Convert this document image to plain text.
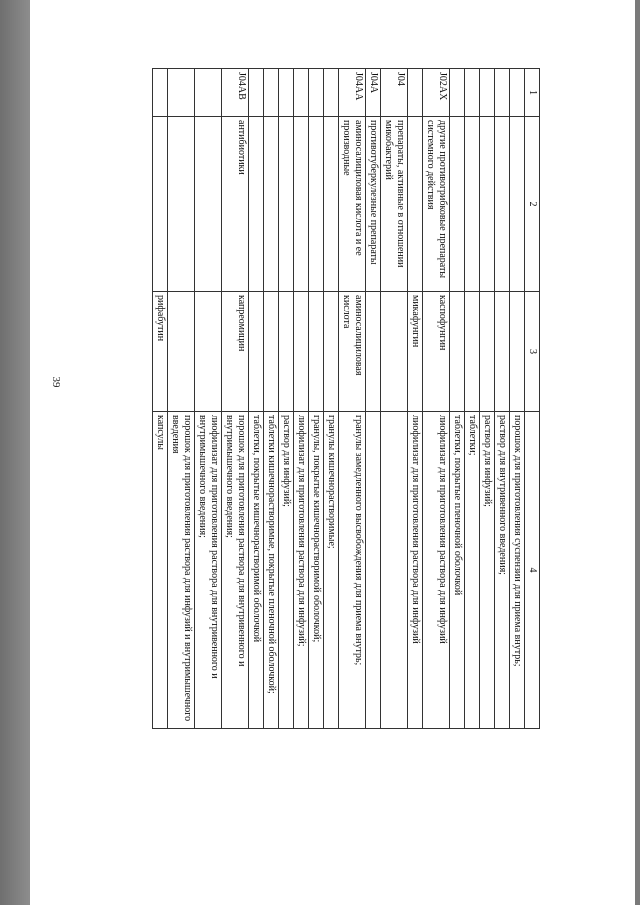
39
1	2	3	4
			порошок для приготовления суспензии для приема внутрь;
			раствор для внутривенного введения;
			раствор для инфузий;
			таблетки;
			таблетки, покрытые пленочной оболочкой
J02AX	другие противогрибковые препараты системного действия	каспофунгин	лиофилизат для приготовления раствора для инфузий
		микафунгин	лиофилизат для приготовления раствора для инфузий
J04	препараты, активные в отношении микобактерий		
J04A	противотуберкулезные препараты		
J04AA	аминосалициловая кислота и ее производные	аминосалициловая кислота	гранулы замедленного высвобождения для приема внутрь;
			гранулы кишечнорастворимые;
			гранулы, покрытые кишечнорастворимой оболочкой;
			лиофилизат для приготовления раствора для инфузий;
			раствор для инфузий;
			таблетки кишечнорастворимые, покрытые пленочной оболочкой;
			таблетки, покрытые кишечнорастворимой оболочкой
J04AB	антибиотики	капреомицин	порошок для приготовления раствора для внутривенного и внутримышечного введения;
			лиофилизат для приготовления раствора для внутривенного и внутримышечного введения;
			порошок для приготовления раствора для инфузий и внутримышечного введения
		рифабутин	капсулы
